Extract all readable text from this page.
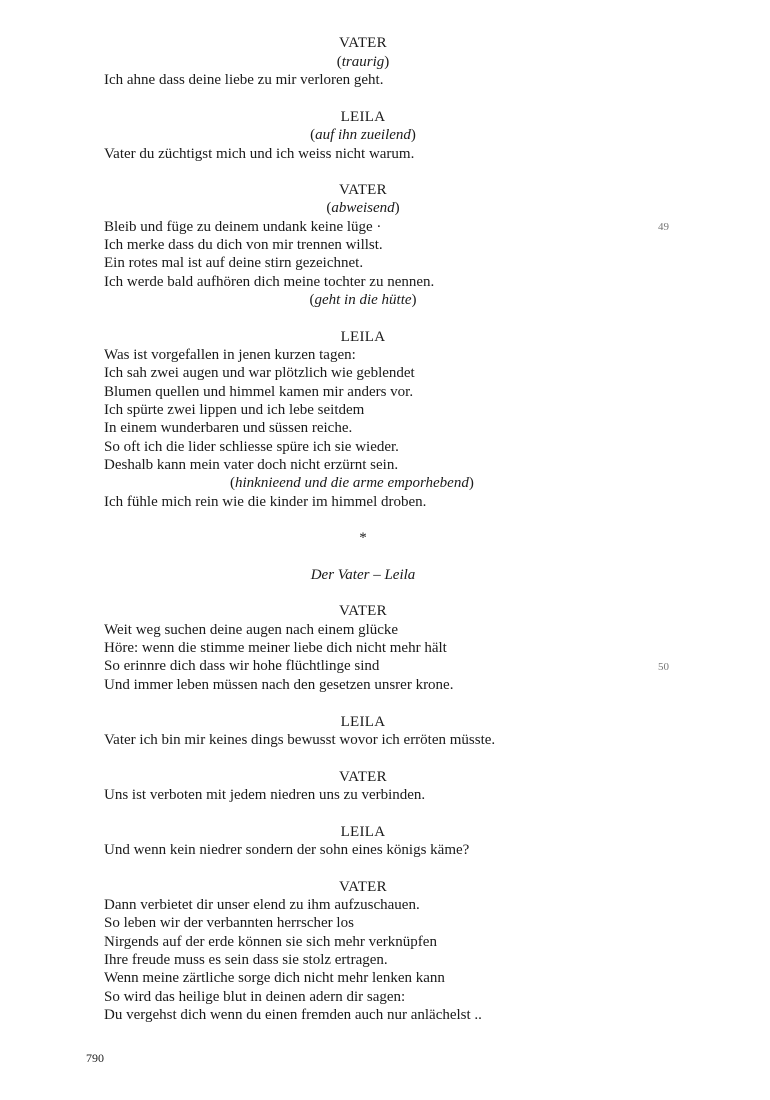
VATER
(traurig)
Ich ahne dass deine liebe zu mir verloren geht.
LEILA
(auf ihn zueilend)
Vater du züchtigst mich und ich weiss nicht warum.
VATER
(abweisend)
Bleib und füge zu deinem undank keine lüge ·	49
Ich merke dass du dich von mir trennen willst.
Ein rotes mal ist auf deine stirn gezeichnet.
Ich werde bald aufhören dich meine tochter zu nennen.
(geht in die hütte)
LEILA
Was ist vorgefallen in jenen kurzen tagen:
Ich sah zwei augen und war plötzlich wie geblendet
Blumen quellen und himmel kamen mir anders vor.
Ich spürte zwei lippen und ich lebe seitdem
In einem wunderbaren und süssen reiche.
So oft ich die lider schliesse spüre ich sie wieder.
Deshalb kann mein vater doch nicht erzürnt sein.
(hinknieend und die arme emporhebend)
Ich fühle mich rein wie die kinder im himmel droben.
*
Der Vater – Leila
VATER
Weit weg suchen deine augen nach einem glücke
Höre: wenn die stimme meiner liebe dich nicht mehr hält
So erinnre dich dass wir hohe flüchtlinge sind	50
Und immer leben müssen nach den gesetzen unsrer krone.
LEILA
Vater ich bin mir keines dings bewusst wovor ich erröten müsste.
VATER
Uns ist verboten mit jedem niedren uns zu verbinden.
LEILA
Und wenn kein niedrer sondern der sohn eines königs käme?
VATER
Dann verbietet dir unser elend zu ihm aufzuschauen.
So leben wir der verbannten herrscher los
Nirgends auf der erde können sie sich mehr verknüpfen
Ihre freude muss es sein dass sie stolz ertragen.
Wenn meine zärtliche sorge dich nicht mehr lenken kann
So wird das heilige blut in deinen adern dir sagen:
Du vergehst dich wenn du einen fremden auch nur anlächelst ..
790
